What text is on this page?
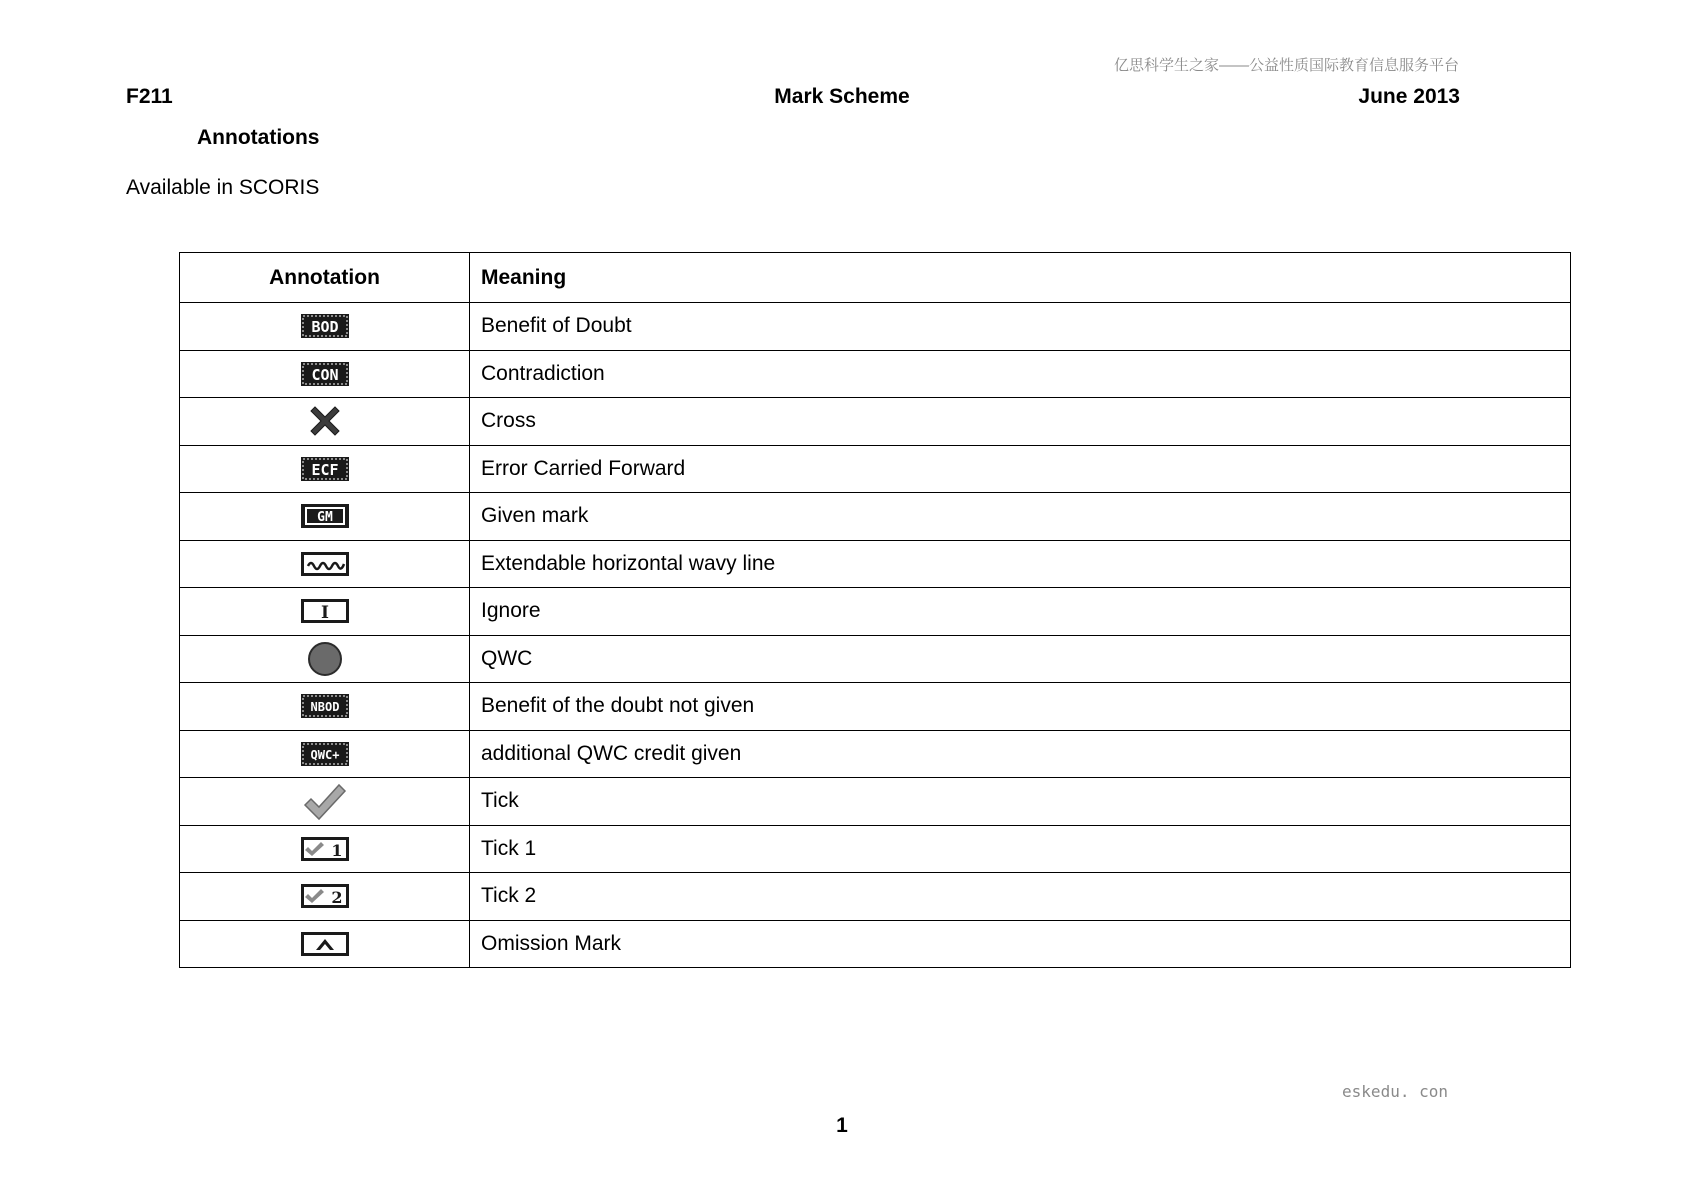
亿思科学生之家——公益性质国际教育信息服务平台
F211	Mark Scheme	June 2013
Annotations
Available in SCORIS
Annotation	Meaning

BOD	Benefit of Doubt

CON	Contradiction
	Cross

ECF	Error Carried Forward

GM	Given mark
	Extendable horizontal wavy line

I	Ignore
	QWC

NBOD	Benefit of the doubt not given

QWC+	additional QWC credit given
	Tick

1	Tick 1

2	Tick 2
	Omission Mark
eskedu. con
1
